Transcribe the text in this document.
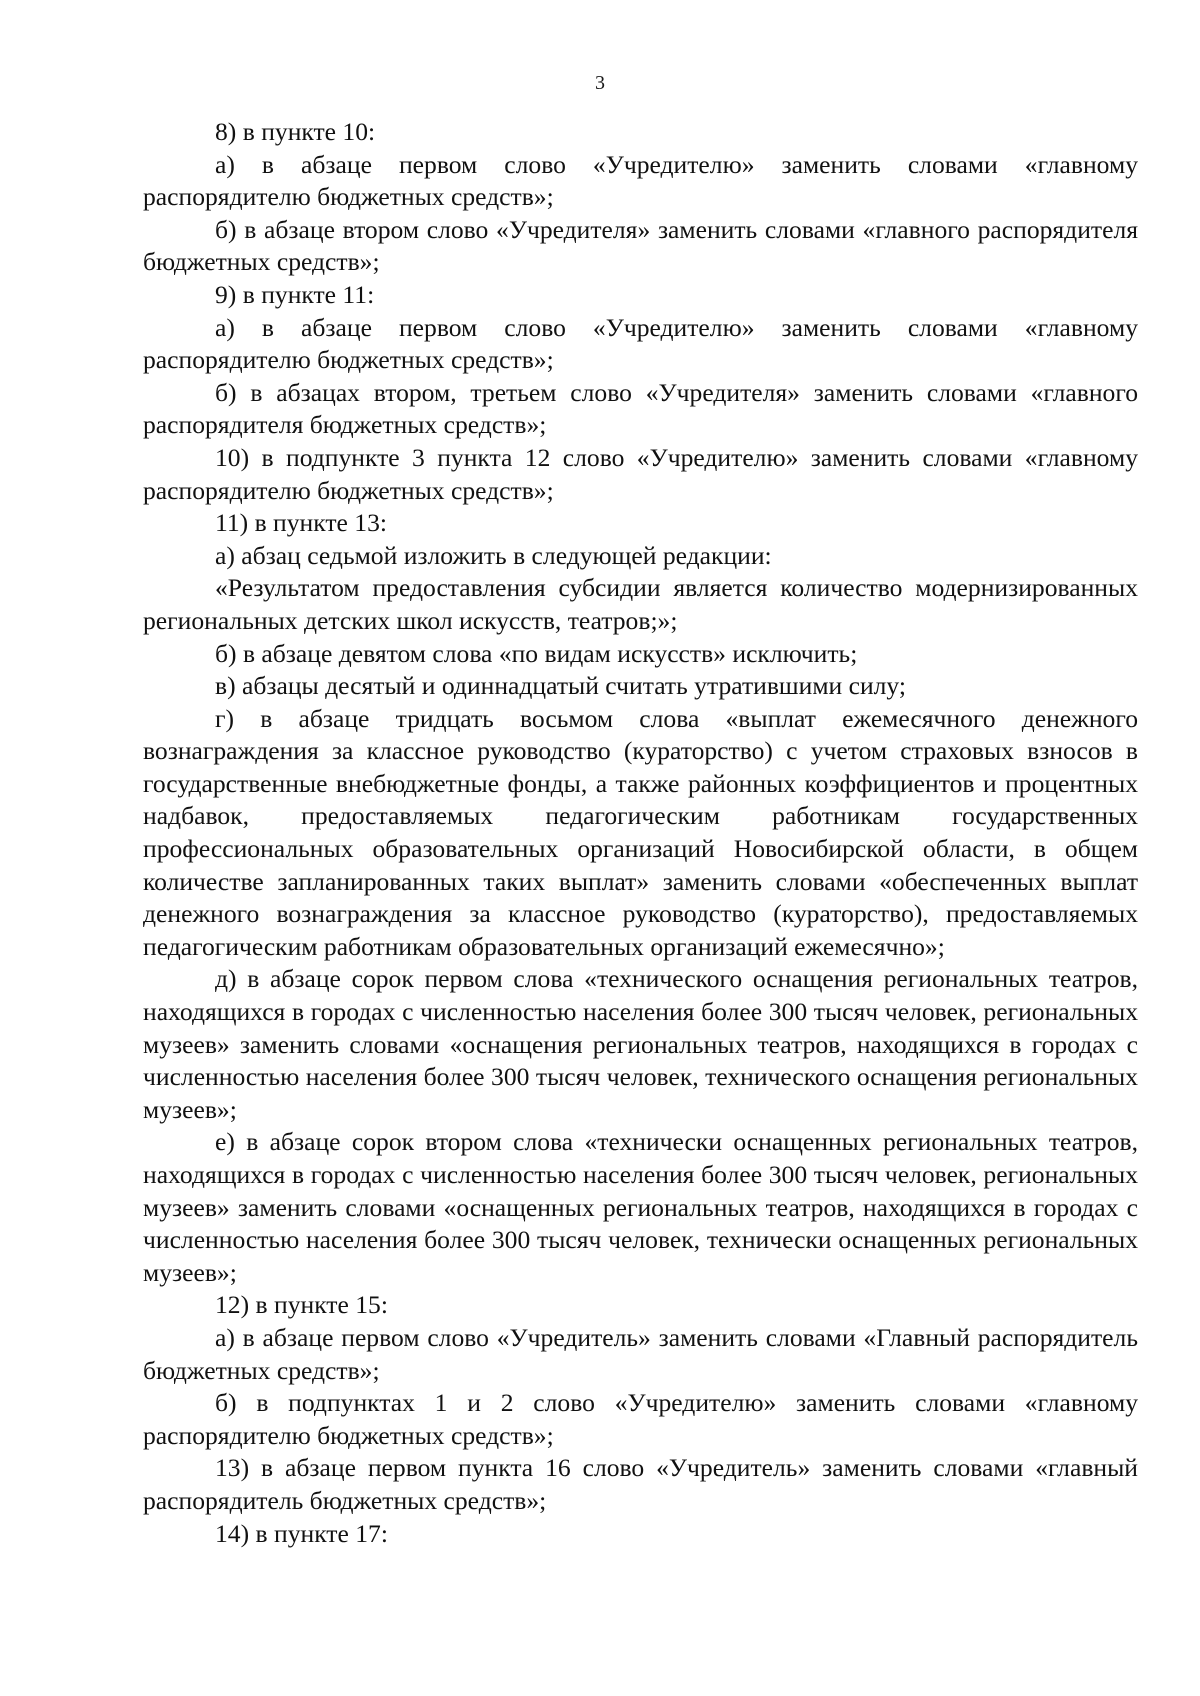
3

8) в пункте 10:

а) в абзаце первом слово «Учредителю» заменить словами «главному распорядителю бюджетных средств»;

б) в абзаце втором слово «Учредителя» заменить словами «главного распорядителя бюджетных средств»;

9) в пункте 11:

а) в абзаце первом слово «Учредителю» заменить словами «главному распорядителю бюджетных средств»;

б) в абзацах втором, третьем слово «Учредителя» заменить словами «главного распорядителя бюджетных средств»;

10) в подпункте 3 пункта 12 слово «Учредителю» заменить словами «главному распорядителю бюджетных средств»;

11) в пункте 13:

а) абзац седьмой изложить в следующей редакции:

«Результатом предоставления субсидии является количество модернизированных региональных детских школ искусств, театров;»;

б) в абзаце девятом слова «по видам искусств» исключить;

в) абзацы десятый и одиннадцатый считать утратившими силу;

г) в абзаце тридцать восьмом слова «выплат ежемесячного денежного вознаграждения за классное руководство (кураторство) с учетом страховых взносов в государственные внебюджетные фонды, а также районных коэффициентов и процентных надбавок, предоставляемых педагогическим работникам государственных профессиональных образовательных организаций Новосибирской области, в общем количестве запланированных таких выплат» заменить словами «обеспеченных выплат денежного вознаграждения за классное руководство (кураторство), предоставляемых педагогическим работникам образовательных организаций ежемесячно»;

д) в абзаце сорок первом слова «технического оснащения региональных театров, находящихся в городах с численностью населения более 300 тысяч человек, региональных музеев» заменить словами «оснащения региональных театров, находящихся в городах с численностью населения более 300 тысяч человек, технического оснащения региональных музеев»;

е) в абзаце сорок втором слова «технически оснащенных региональных театров, находящихся в городах с численностью населения более 300 тысяч человек, региональных музеев» заменить словами «оснащенных региональных театров, находящихся в городах с численностью населения более 300 тысяч человек, технически оснащенных региональных музеев»;

12) в пункте 15:

а) в абзаце первом слово «Учредитель» заменить словами «Главный распорядитель бюджетных средств»;

б) в подпунктах 1 и 2 слово «Учредителю» заменить словами «главному распорядителю бюджетных средств»;

13) в абзаце первом пункта 16 слово «Учредитель» заменить словами «главный распорядитель бюджетных средств»;

14) в пункте 17:
